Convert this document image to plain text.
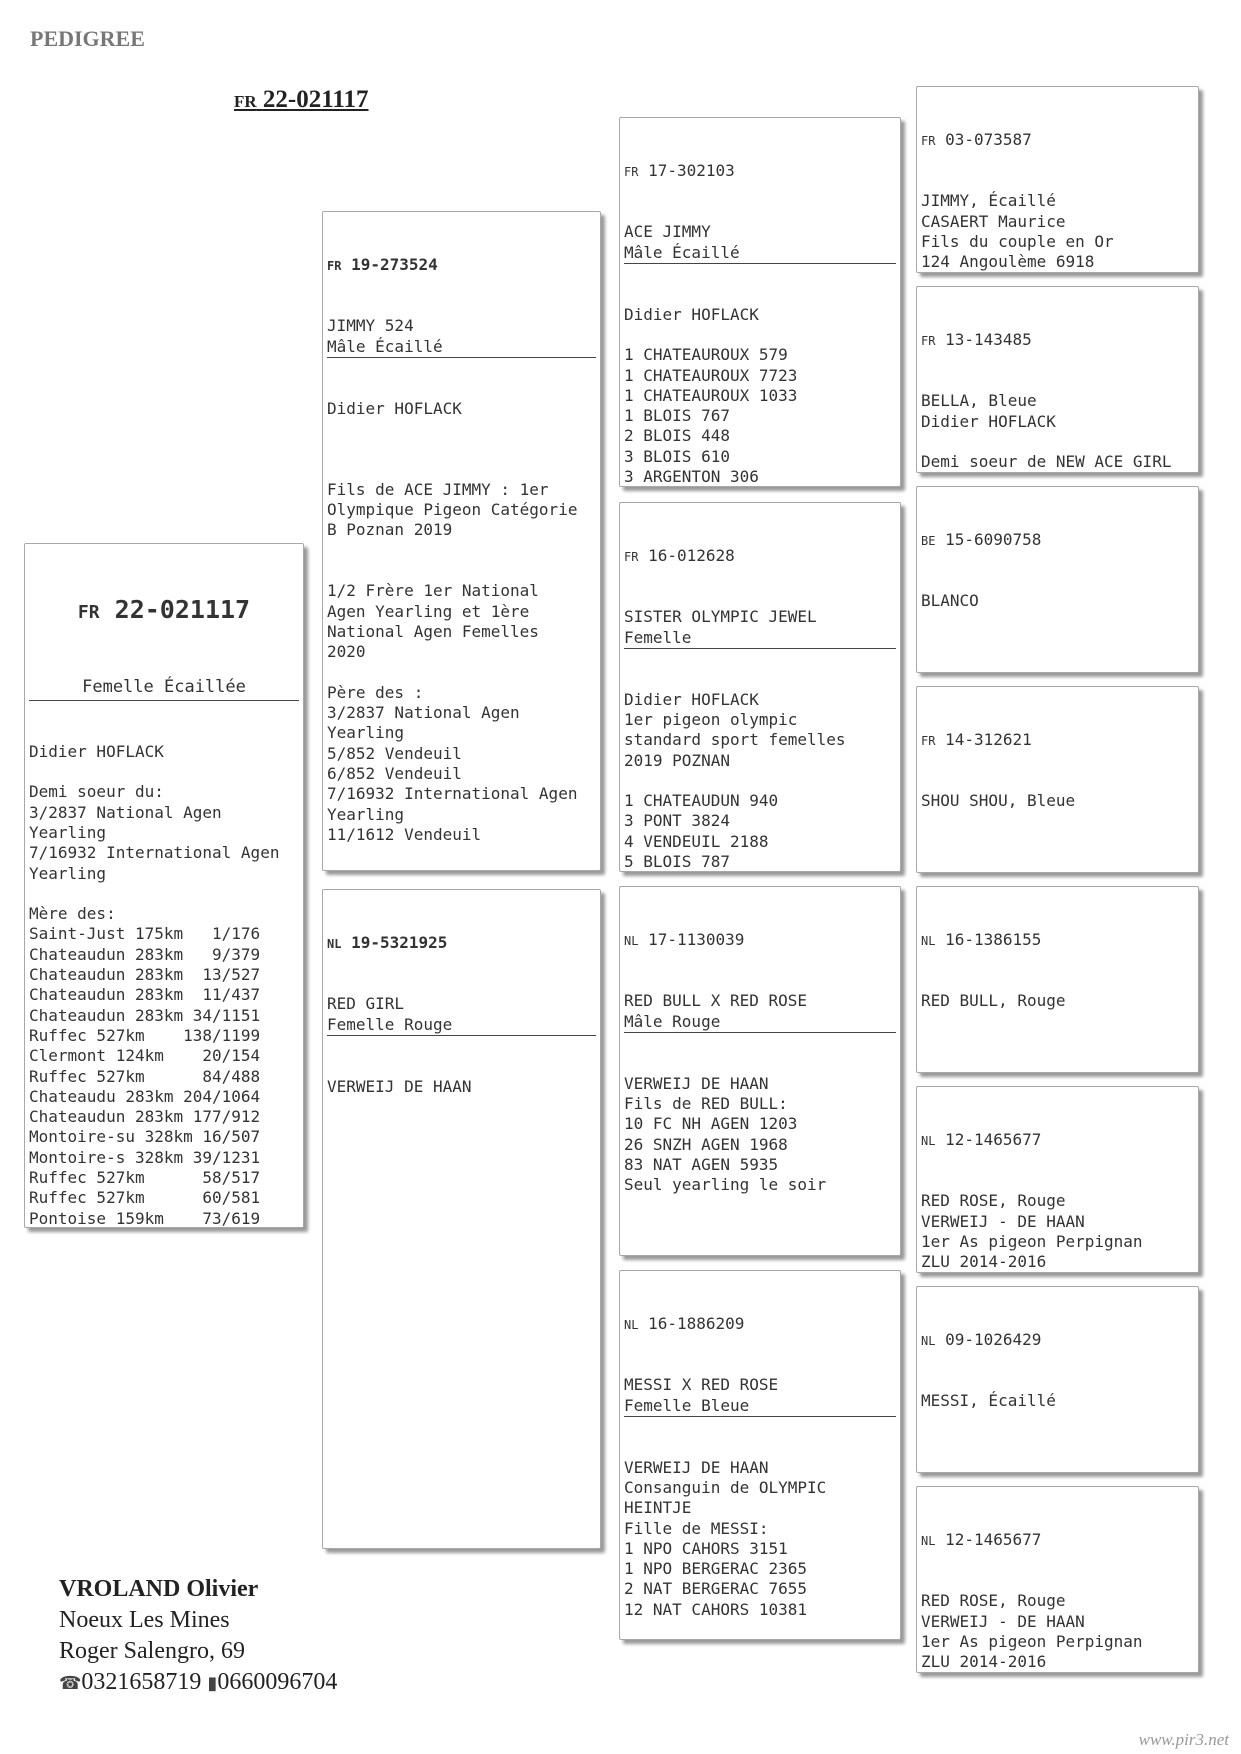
PEDIGREE
FR 22-021117

FR 22-021117

Femelle Écaillée

Didier HOFLACK

Demi soeur du:
3/2837 National Agen
Yearling
7/16932 International Agen
Yearling

Mère des:
Saint-Just 175km   1/176
Chateaudun 283km   9/379
Chateaudun 283km  13/527
Chateaudun 283km  11/437
Chateaudun 283km 34/1151
Ruffec 527km    138/1199
Clermont 124km    20/154
Ruffec 527km      84/488
Chateaudu 283km 204/1064
Chateaudun 283km 177/912
Montoire-su 328km 16/507
Montoire-s 328km 39/1231
Ruffec 527km      58/517
Ruffec 527km      60/581
Pontoise 159km    73/619

FR 19-273524

JIMMY 524
Mâle Écaillé

Didier HOFLACK

Fils de ACE JIMMY : 1er
Olympique Pigeon Catégorie
B Poznan 2019

1/2 Frère 1er National
Agen Yearling et 1ère
National Agen Femelles
2020

Père des :
3/2837 National Agen
Yearling
5/852 Vendeuil
6/852 Vendeuil
7/16932 International Agen
Yearling
11/1612 Vendeuil

NL 19-5321925

RED GIRL
Femelle Rouge

VERWEIJ DE HAAN

FR 17-302103

ACE JIMMY
Mâle Écaillé

Didier HOFLACK

1 CHATEAUROUX 579
1 CHATEAUROUX 7723
1 CHATEAUROUX 1033
1 BLOIS 767
2 BLOIS 448
3 BLOIS 610
3 ARGENTON 306

FR 16-012628

SISTER OLYMPIC JEWEL
Femelle

Didier HOFLACK
1er pigeon olympic
standard sport femelles
2019 POZNAN

1 CHATEAUDUN 940
3 PONT 3824
4 VENDEUIL 2188
5 BLOIS 787

NL 17-1130039

RED BULL X RED ROSE
Mâle Rouge

VERWEIJ DE HAAN
Fils de RED BULL:
10 FC NH AGEN 1203
26 SNZH AGEN 1968
83 NAT AGEN 5935
Seul yearling le soir

NL 16-1886209

MESSI X RED ROSE
Femelle Bleue

VERWEIJ DE HAAN
Consanguin de OLYMPIC
HEINTJE
Fille de MESSI:
1 NPO CAHORS 3151
1 NPO BERGERAC 2365
2 NAT BERGERAC 7655
12 NAT CAHORS 10381

FR 03-073587

JIMMY, Écaillé
CASAERT Maurice
Fils du couple en Or
124 Angoulème 6918

FR 13-143485

BELLA, Bleue
Didier HOFLACK

Demi soeur de NEW ACE GIRL

BE 15-6090758

BLANCO

FR 14-312621

SHOU SHOU, Bleue

NL 16-1386155

RED BULL, Rouge

NL 12-1465677

RED ROSE, Rouge
VERWEIJ - DE HAAN
1er As pigeon Perpignan
ZLU 2014-2016

NL 09-1026429

MESSI, Écaillé

NL 12-1465677

RED ROSE, Rouge
VERWEIJ - DE HAAN
1er As pigeon Perpignan
ZLU 2014-2016

VROLAND Olivier
Noeux Les Mines
Roger Salengro, 69
☎0321658719 ▮0660096704
www.pir3.net
